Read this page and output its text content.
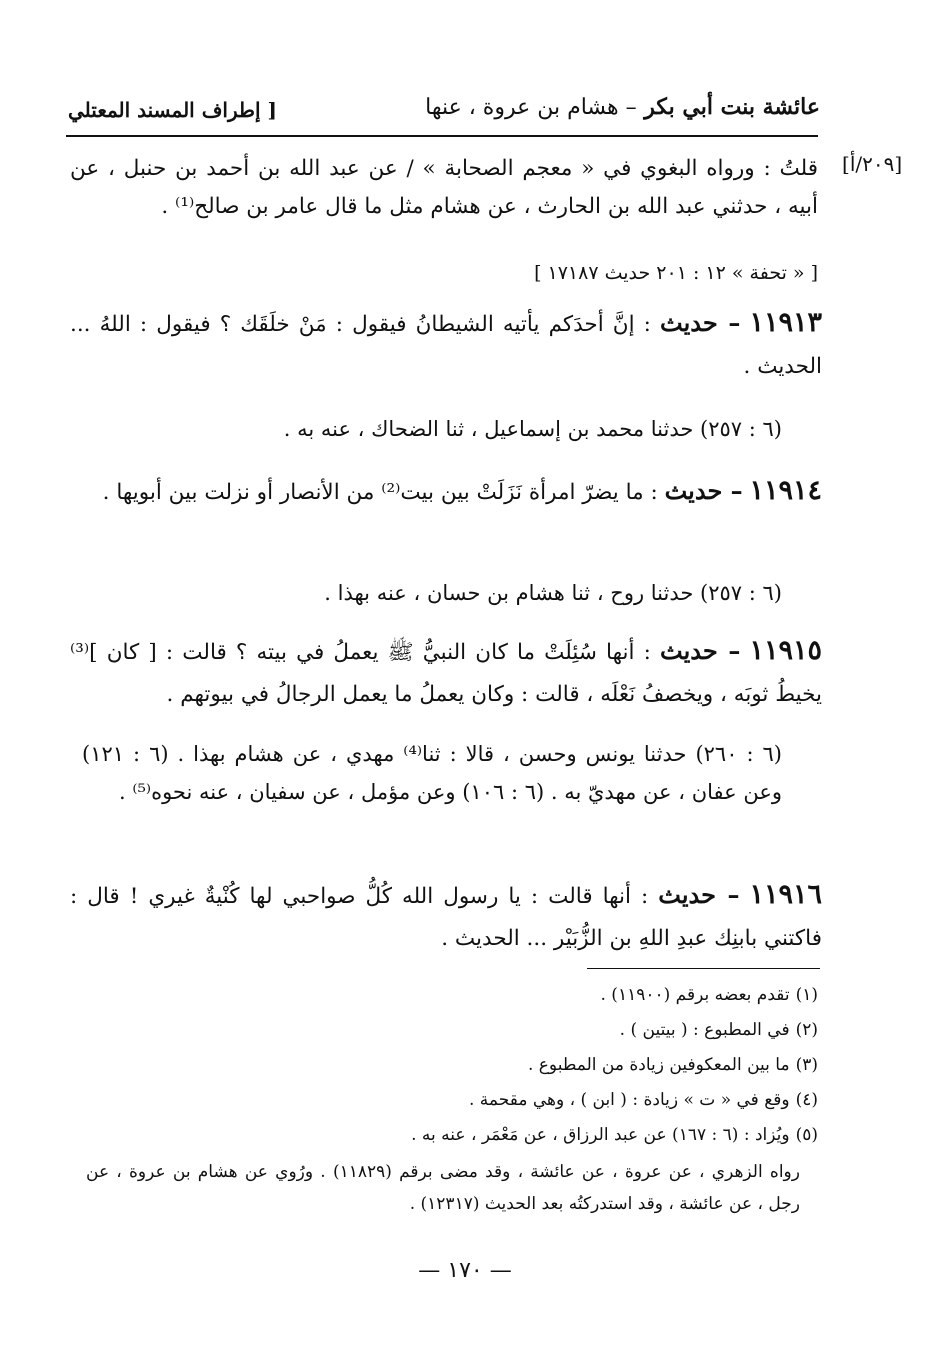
عائشة بنت أبي بكر – هشام بن عروة ، عنها
[ إطراف المسند المعتلي
[٢٠٩/أ]
قلتُ : ورواه البغوي في « معجم الصحابة » / عن عبد الله بن أحمد بن حنبل ، عن أبيه ، حدثني عبد الله بن الحارث ، عن هشام مثل ما قال عامر بن صالح⁽¹⁾ .
[ « تحفة » ١٢ : ٢٠١ حديث ١٧١٨٧ ]
١١٩١٣ – حديث : إنَّ أحدَكم يأتيه الشيطانُ فيقول : مَنْ خلَقَك ؟ فيقول : اللهُ ... الحديث .
(٦ : ٢٥٧) حدثنا محمد بن إسماعيل ، ثنا الضحاك ، عنه به .
١١٩١٤ – حديث : ما يضرّ امرأة نَزَلَتْ بين بيت⁽²⁾ من الأنصار أو نزلت بين أبويها .
(٦ : ٢٥٧) حدثنا روح ، ثنا هشام بن حسان ، عنه بهذا .
١١٩١٥ – حديث : أنها سُئِلَتْ ما كان النبيُّ ﷺ يعملُ في بيته ؟ قالت : [ كان ]⁽³⁾ يخيطُ ثوبَه ، ويخصفُ نَعْلَه ، قالت : وكان يعملُ ما يعمل الرجالُ في بيوتهم .
(٦ : ٢٦٠) حدثنا يونس وحسن ، قالا : ثنا⁽⁴⁾ مهدي ، عن هشام بهذا . (٦ : ١٢١) وعن عفان ، عن مهديّ به . (٦ : ١٠٦) وعن مؤمل ، عن سفيان ، عنه نحوه⁽⁵⁾ .
١١٩١٦ – حديث : أنها قالت : يا رسول الله كُلُّ صواحبي لها كُنْيةٌ غيري ! قال : فاكتني بابنِك عبدِ اللهِ بن الزُّبَيْر ... الحديث .
(١)تقدم بعضه برقم (١١٩٠٠) .
(٢)في المطبوع : ( بيتين ) .
(٣)ما بين المعكوفين زيادة من المطبوع .
(٤)وقع في « ت » زيادة : ( ابن ) ، وهي مقحمة .
(٥)ويُزاد : (٦ : ١٦٧) عن عبد الرزاق ، عن مَعْمَر ، عنه به .
رواه الزهري ، عن عروة ، عن عائشة ، وقد مضى برقم (١١٨٢٩) . ورُوي عن هشام بن عروة ، عن رجل ، عن عائشة ، وقد استدركتُه بعد الحديث (١٢٣١٧) .
— ١٧٠ —
